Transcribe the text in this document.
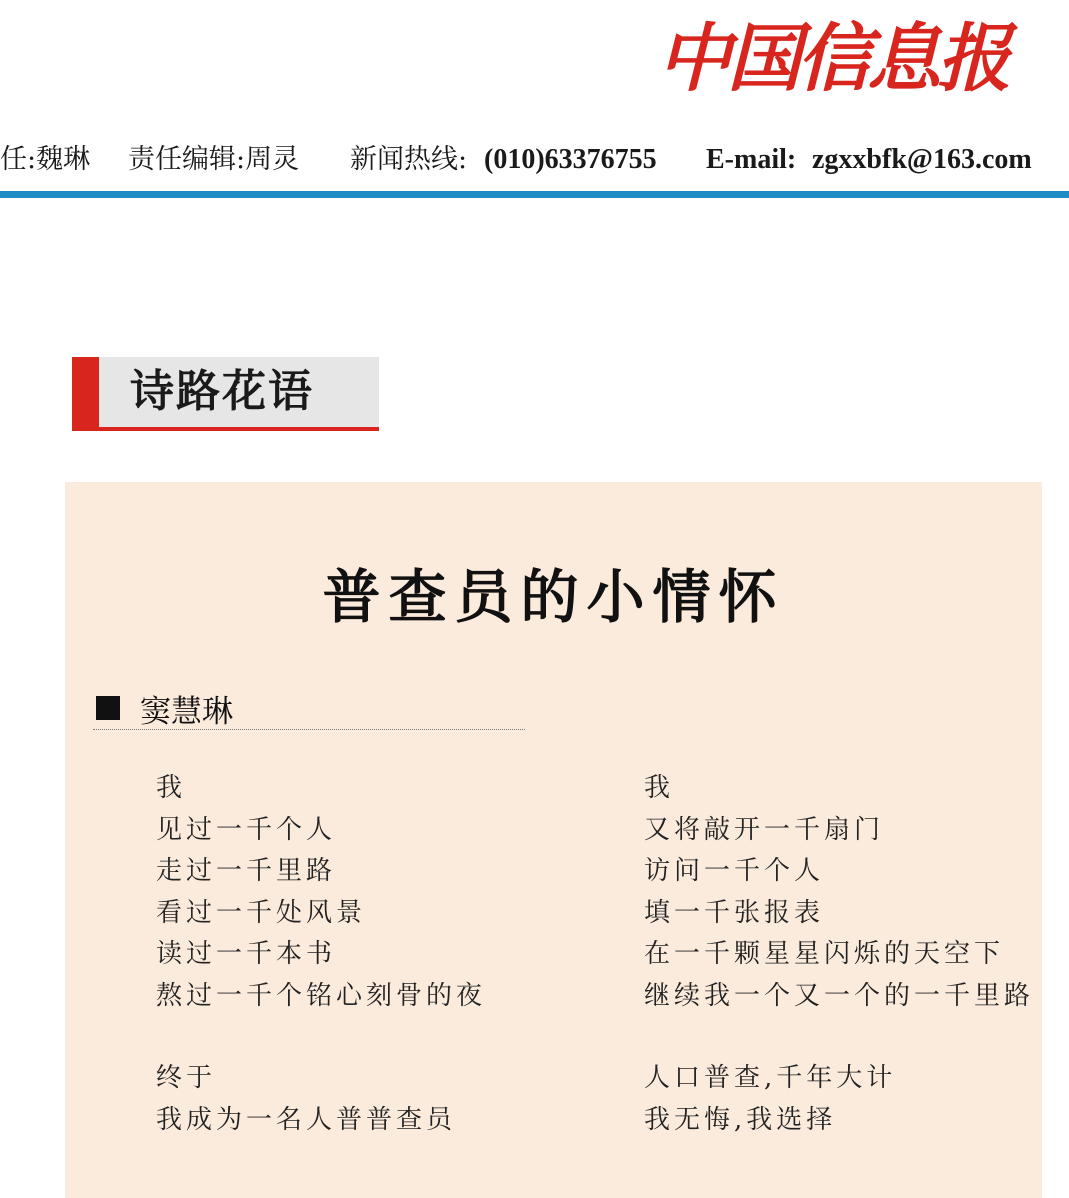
中国信息报
任:魏琳 责任编辑:周灵 新闻热线: (010)63376755 E-mail: zgxxbfk@163.com
诗路花语
普查员的小情怀
窦慧琳
我
见过一千个人
走过一千里路
看过一千处风景
读过一千本书
熬过一千个铭心刻骨的夜
终于
我成为一名人普普查员
我
又将敲开一千扇门
访问一千个人
填一千张报表
在一千颗星星闪烁的天空下
继续我一个又一个的一千里路
人口普查,千年大计
我无悔,我选择
